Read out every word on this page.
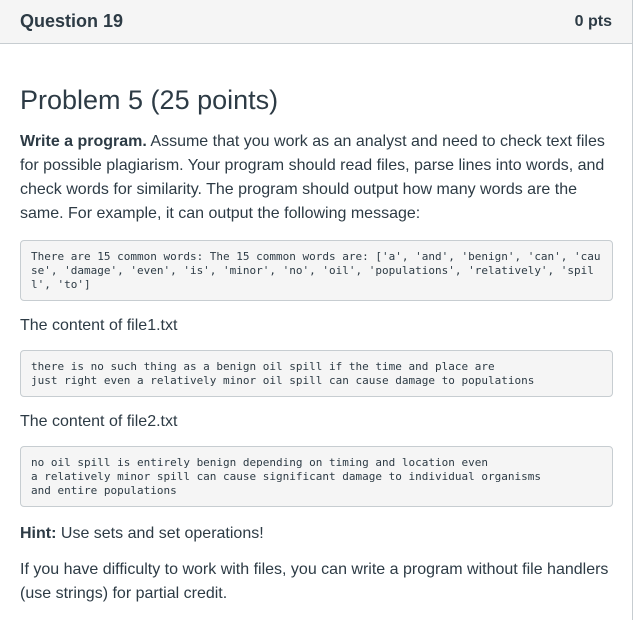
Question 19	0 pts
Problem 5 (25 points)

Write a program. Assume that you work as an analyst and need to check text files for possible plagiarism. Your program should read files, parse lines into words, and check words for similarity. The program should output how many words are the same. For example, it can output the following message:

There are 15 common words: The 15 common words are: ['a', 'and', 'benign', 'can', 'cause', 'damage', 'even', 'is', 'minor', 'no', 'oil', 'populations', 'relatively', 'spill', 'to']

The content of file1.txt

there is no such thing as a benign oil spill if the time and place are
just right even a relatively minor oil spill can cause damage to populations

The content of file2.txt

no oil spill is entirely benign depending on timing and location even
a relatively minor spill can cause significant damage to individual organisms
and entire populations

Hint: Use sets and set operations!

If you have difficulty to work with files, you can write a program without file handlers (use strings) for partial credit.
